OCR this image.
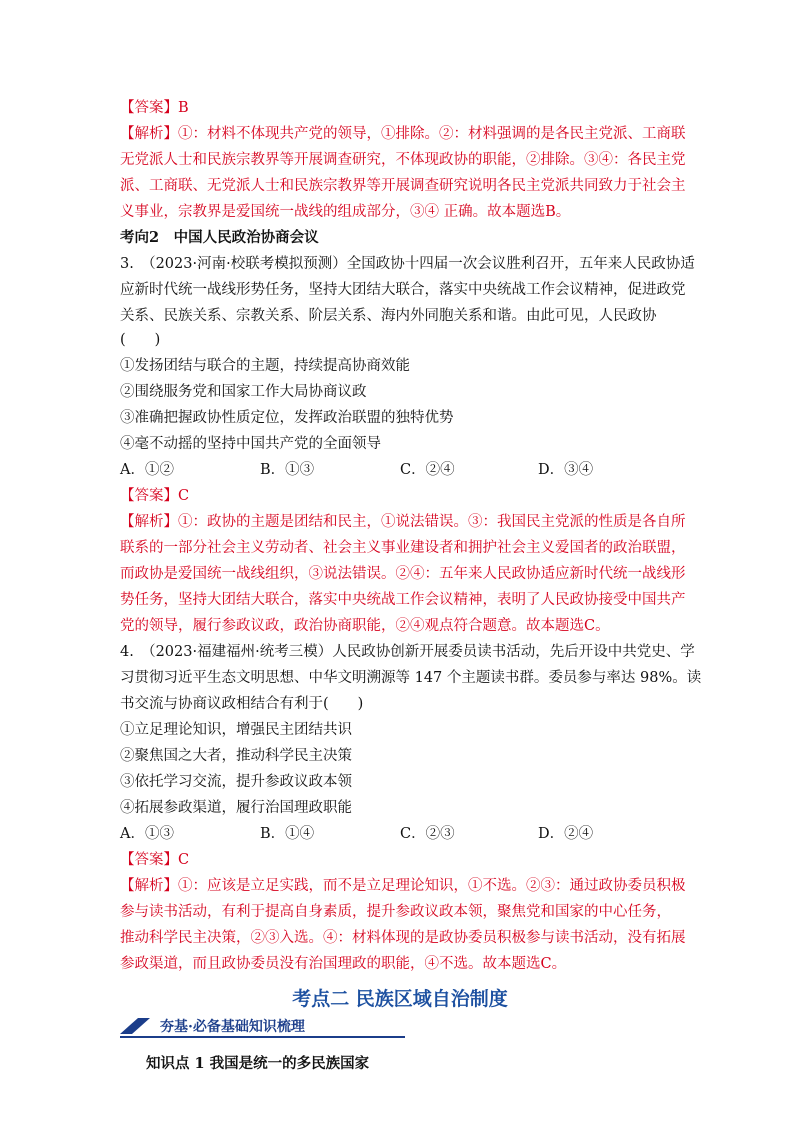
【答案】B
【解析】①：材料不体现共产党的领导，①排除。②：材料强调的是各民主党派、工商联
无党派人士和民族宗教界等开展调查研究，不体现政协的职能，②排除。③④：各民主党
派、工商联、无党派人士和民族宗教界等开展调查研究说明各民主党派共同致力于社会主
义事业，宗教界是爱国统一战线的组成部分，③④ 正确。故本题选B。
考向2　中国人民政治协商会议
3.　（2023·河南·校联考模拟预测）全国政协十四届一次会议胜利召开，五年来人民政协适
应新时代统一战线形势任务，坚持大团结大联合，落实中央统战工作会议精神，促进政党
关系、民族关系、宗教关系、阶层关系、海内外同胞关系和谐。由此可见，人民政协
(　　)
①发扬团结与联合的主题，持续提高协商效能
②围绕服务党和国家工作大局协商议政
③准确把握政协性质定位，发挥政治联盟的独特优势
④毫不动摇的坚持中国共产党的全面领导
A．①②	B．①③	C．②④	D．③④
【答案】C
【解析】①：政协的主题是团结和民主，①说法错误。③：我国民主党派的性质是各自所
联系的一部分社会主义劳动者、社会主义事业建设者和拥护社会主义爱国者的政治联盟，
而政协是爱国统一战线组织，③说法错误。②④：五年来人民政协适应新时代统一战线形
势任务，坚持大团结大联合，落实中央统战工作会议精神，表明了人民政协接受中国共产
党的领导，履行参政议政，政治协商职能，②④观点符合题意。故本题选C。
4.　（2023·福建福州·统考三模）人民政协创新开展委员读书活动，先后开设中共党史、学
习贯彻习近平生态文明思想、中华文明溯源等 147 个主题读书群。委员参与率达 98%。读
书交流与协商议政相结合有利于(　　)
①立足理论知识，增强民主团结共识
②聚焦国之大者，推动科学民主决策
③依托学习交流，提升参政议政本领
④拓展参政渠道，履行治国理政职能
A．①③	B．①④	C．②③	D．②④
【答案】C
【解析】①：应该是立足实践，而不是立足理论知识，①不选。②③：通过政协委员积极
参与读书活动，有利于提高自身素质，提升参政议政本领，聚焦党和国家的中心任务，
推动科学民主决策，②③入选。④：材料体现的是政协委员积极参与读书活动，没有拓展
参政渠道，而且政协委员没有治国理政的职能，④不选。故本题选C。
考点二 民族区域自治制度
夯基·必备基础知识梳理
知识点 1 我国是统一的多民族国家
